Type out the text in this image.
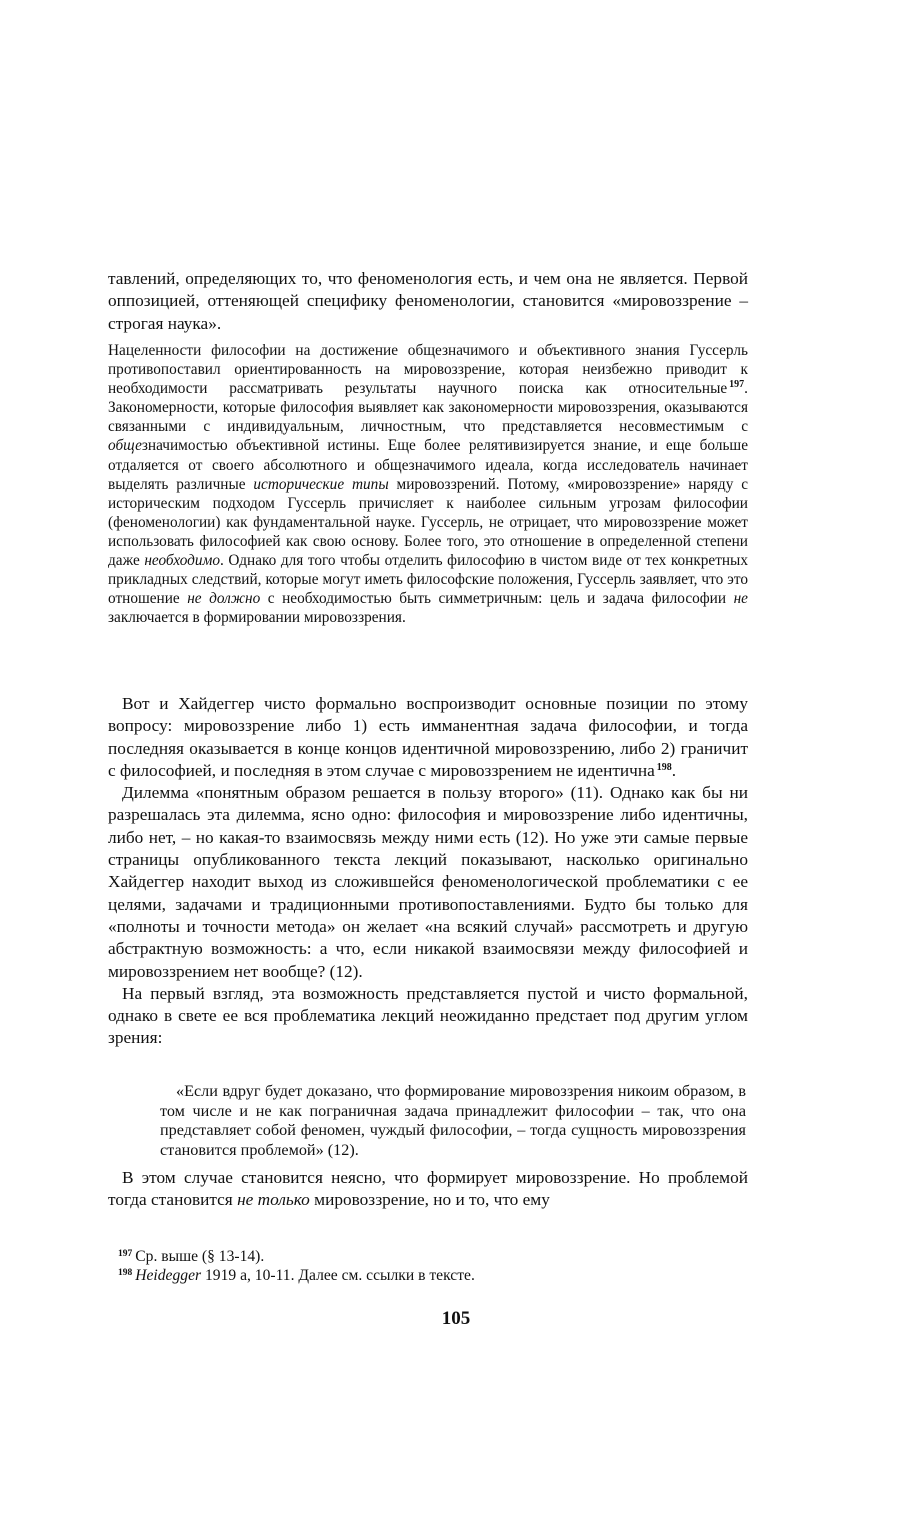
тавлений, определяющих то, что феноменология есть, и чем она не является. Первой оппозицией, оттеняющей специфику феноменологии, становится «мировоззрение – строгая наука».

Нацеленности философии на достижение общезначимого и объективного знания Гуссерль противопоставил ориентированность на мировоззрение, которая неизбежно приводит к необходимости рассматривать результаты научного поиска как относительные $^{197}$. Закономерности, которые философия выявляет как закономерности мировоззрения, оказываются связанными с индивидуальным, личностным, что представляется несовместимым с общезначимостью объективной истины. Еще более релятивизируется знание, и еще больше отдаляется от своего абсолютного и общезначимого идеала, когда исследователь начинает выделять различные исторические типы мировоззрений. Потому, «мировоззрение» наряду с историческим подходом Гуссерль причисляет к наиболее сильным угрозам философии (феноменологии) как фундаментальной науке. Гуссерль, не отрицает, что мировоззрение может использовать философией как свою основу. Более того, это отношение в определенной степени даже необходимо. Однако для того чтобы отделить философию в чистом виде от тех конкретных прикладных следствий, которые могут иметь философские положения, Гуссерль заявляет, что это отношение не должно с необходимостью быть симметричным: цель и задача философии не заключается в формировании мировоззрения.

Вот и Хайдеггер чисто формально воспроизводит основные позиции по этому вопросу: мировоззрение либо 1) есть имманентная задача философии, и тогда последняя оказывается в конце концов идентичной мировоззрению, либо 2) граничит с философией, и последняя в этом случае с мировоззрением не идентична $^{198}$.

Дилемма «понятным образом решается в пользу второго» (11). Однако как бы ни разрешалась эта дилемма, ясно одно: философия и мировоззрение либо идентичны, либо нет, – но какая-то взаимосвязь между ними есть (12). Но уже эти самые первые страницы опубликованного текста лекций показывают, насколько оригинально Хайдеггер находит выход из сложившейся феноменологической проблематики с ее целями, задачами и традиционными противопоставлениями. Будто бы только для «полноты и точности метода» он желает «на всякий случай» рассмотреть и другую абстрактную возможность: а что, если никакой взаимосвязи между философией и мировоззрением нет вообще? (12).

На первый взгляд, эта возможность представляется пустой и чисто формальной, однако в свете ее вся проблематика лекций неожиданно предстает под другим углом зрения:

«Если вдруг будет доказано, что формирование мировоззрения никоим образом, в том числе и не как пограничная задача принадлежит философии – так, что она представляет собой феномен, чуждый философии, – тогда сущность мировоззрения становится проблемой» (12).

В этом случае становится неясно, что формирует мировоззрение. Но проблемой тогда становится не только мировоззрение, но и то, что ему

$^{197}$ Ср. выше (§ 13-14).

$^{198}$ Heidegger 1919 а, 10-11. Далее см. ссылки в тексте.

105
